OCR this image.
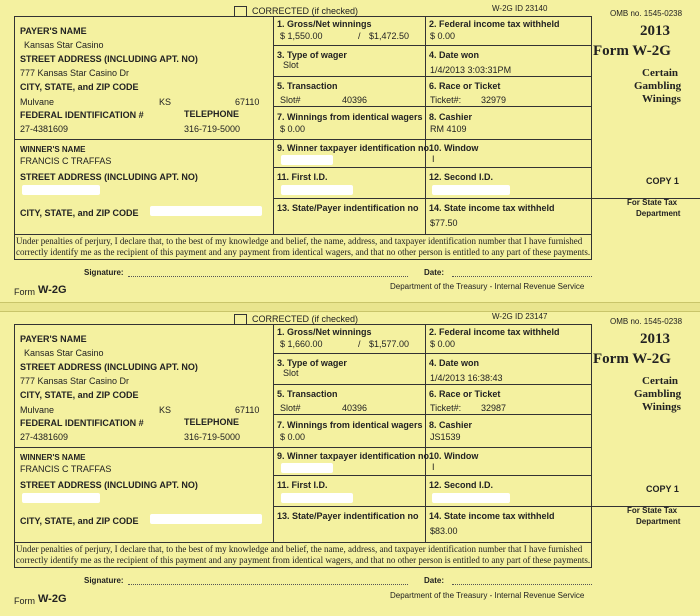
CORRECTED (if checked)	W-2G ID 23140
OMB no. 1545-0238
2013
Form W-2G
Certain
Gambling
Winings
COPY 1
For State Tax
Department
PAYER'S NAME
Kansas Star Casino
STREET ADDRESS (INCLUDING APT. NO)
777 Kansas Star Casino Dr
CITY, STATE, and ZIP CODE
Mulvane	KS	67110
FEDERAL IDENTIFICATION #	TELEPHONE
27-4381609	316-719-5000
WINNER'S NAME
FRANCIS C TRAFFAS
STREET ADDRESS (INCLUDING APT. NO)
CITY, STATE, and ZIP CODE
1. Gross/Net winnings
$ 1,550.00	/ $1,472.50
2. Federal income tax withheld
$ 0.00
3. Type of wager
Slot
4. Date won
1/4/2013 3:03:31PM
5. Transaction
Slot#	40396
6. Race or Ticket
Ticket#: 32979
7. Winnings from identical wagers
$ 0.00
8. Cashier
RM 4109
9. Winner taxpayer identification no.
10. Window
I
11. First I.D.	12. Second I.D.
13. State/Payer indentification no 14. State income tax withheld
$77.50
Under penalties of perjury, I declare that, to the best of my knowledge and belief, the name, address, and taxpayer identification number that I have furnished correctly identify me as the recipient of this payment and any payment from identical wagers, and that no other person is entitled to any part of these payments.
Signature:	Date:
Form W-2G	Department of the Treasury - Internal Revenue Service
CORRECTED (if checked)	W-2G ID 23147
OMB no. 1545-0238
2013
Form W-2G
Certain
Gambling
Winings
COPY 1
For State Tax
Department
PAYER'S NAME
Kansas Star Casino
STREET ADDRESS (INCLUDING APT. NO)
777 Kansas Star Casino Dr
CITY, STATE, and ZIP CODE
Mulvane	KS	67110
FEDERAL IDENTIFICATION #	TELEPHONE
27-4381609	316-719-5000
WINNER'S NAME
FRANCIS C TRAFFAS
STREET ADDRESS (INCLUDING APT. NO)
CITY, STATE, and ZIP CODE
1. Gross/Net winnings
$ 1,660.00	/ $1,577.00
2. Federal income tax withheld
$ 0.00
3. Type of wager
Slot
4. Date won
1/4/2013 16:38:43
5. Transaction
Slot#	40396
6. Race or Ticket
Ticket#: 32987
7. Winnings from identical wagers
$ 0.00
8. Cashier
JS1539
9. Winner taxpayer identification no.
10. Window
I
11. First I.D.	12. Second I.D.
13. State/Payer indentification no 14. State income tax withheld
$83.00
Under penalties of perjury, I declare that, to the best of my knowledge and belief, the name, address, and taxpayer identification number that I have furnished correctly identify me as the recipient of this payment and any payment from identical wagers, and that no other person is entitled to any part of these payments.
Signature:	Date:
Form W-2G	Department of the Treasury - Internal Revenue Service
